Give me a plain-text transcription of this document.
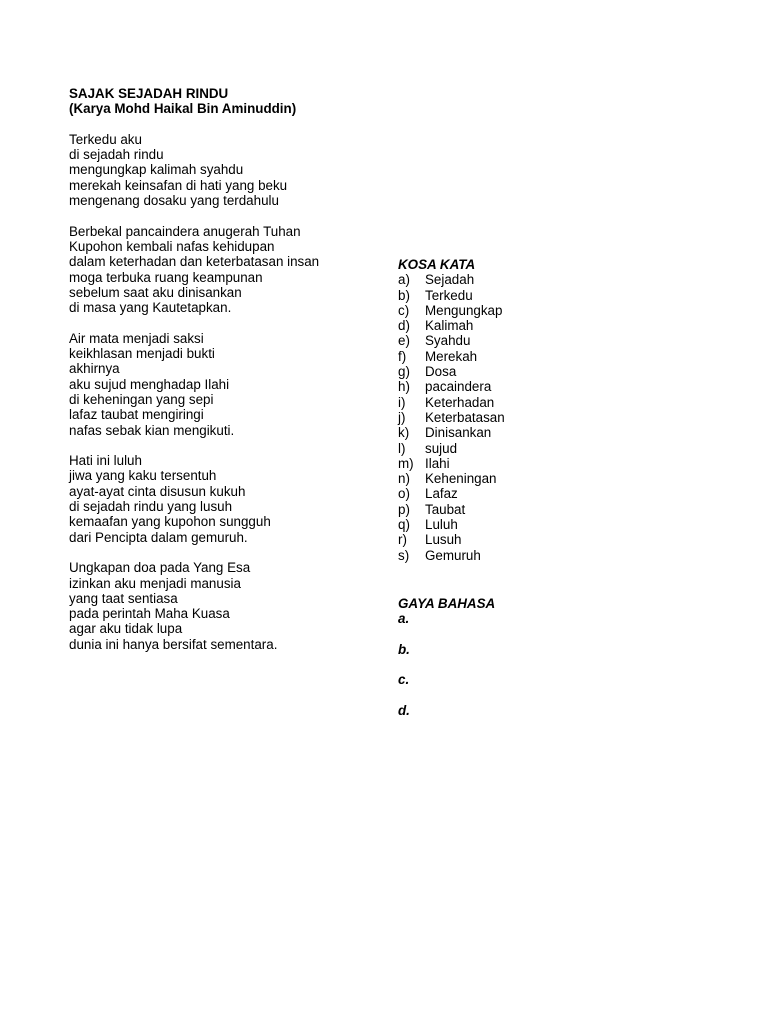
SAJAK SEJADAH RINDU

(Karya Mohd Haikal Bin Aminuddin)

Terkedu aku
di sejadah rindu
mengungkap kalimah syahdu
merekah keinsafan di hati yang beku
mengenang dosaku yang terdahulu
Berbekal pancaindera anugerah Tuhan
Kupohon kembali nafas kehidupan
dalam keterhadan dan keterbatasan insan
moga terbuka ruang keampunan
sebelum saat aku dinisankan
di masa yang Kautetapkan.
Air mata menjadi saksi
keikhlasan menjadi bukti
akhirnya
aku sujud menghadap Ilahi
di keheningan yang sepi
lafaz taubat mengiringi
nafas sebak kian mengikuti.
Hati ini luluh
jiwa yang kaku tersentuh
ayat-ayat cinta disusun kukuh
di sejadah rindu yang lusuh
kemaafan yang kupohon sungguh
dari Pencipta dalam gemuruh.
Ungkapan doa pada Yang Esa
izinkan aku menjadi manusia
yang taat sentiasa
pada perintah Maha Kuasa
agar aku tidak lupa
dunia ini hanya bersifat sementara.
KOSA KATA
a)	Sejadah
b)	Terkedu
c)	Mengungkap
d)	Kalimah
e)	Syahdu
f)	Merekah
g)	Dosa
h)	pacaindera
i)	Keterhadan
j)	Keterbatasan
k)	Dinisankan
l)	sujud
m) Ilahi
n)	Keheningan
o)	Lafaz
p)	Taubat
q)	Luluh
r)	Lusuh
s)	Gemuruh
GAYA BAHASA
a.
b.
c.
d.
